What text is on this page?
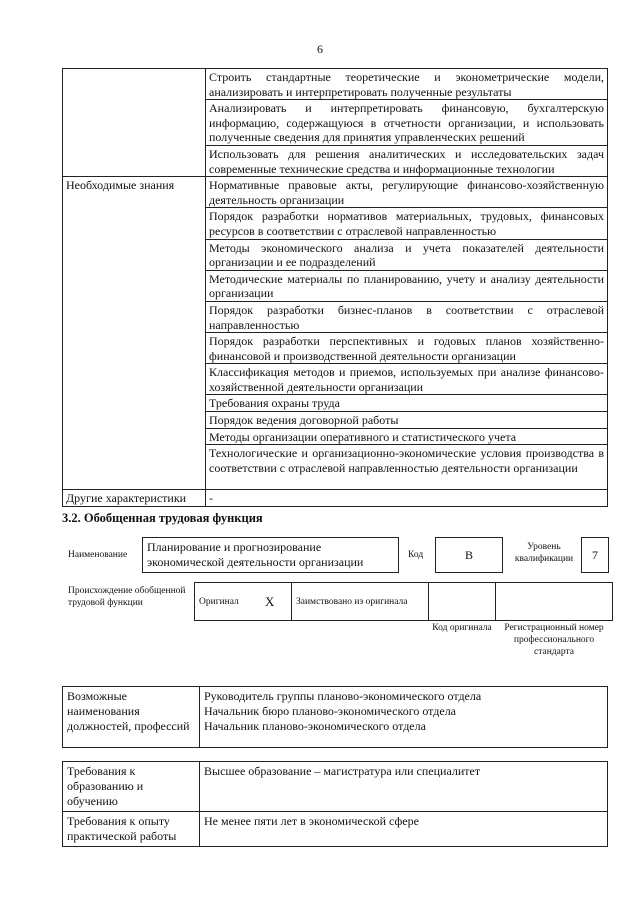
6
	Строить стандартные теоретические и эконометрические модели, анализировать и интерпретировать полученные результаты
	Анализировать и интерпретировать финансовую, бухгалтерскую информацию, содержащуюся в отчетности организации, и использовать полученные сведения для принятия управленческих решений
	Использовать для решения аналитических и исследовательских задач современные технические средства и информационные технологии
Необходимые знания	Нормативные правовые акты, регулирующие финансово-хозяйственную деятельность организации
	Порядок разработки нормативов материальных, трудовых, финансовых ресурсов в соответствии с отраслевой направленностью
	Методы экономического анализа и учета показателей деятельности организации и ее подразделений
	Методические материалы по планированию, учету и анализу деятельности организации
	Порядок разработки бизнес-планов в соответствии с отраслевой направленностью
	Порядок разработки перспективных и годовых планов хозяйственно-финансовой и производственной деятельности организации
	Классификация методов и приемов, используемых при анализе финансово-хозяйственной деятельности организации
	Требования охраны труда
	Порядок ведения договорной работы
	Методы организации оперативного и статистического учета
	Технологические и организационно-экономические условия производства в соответствии с отраслевой направленностью деятельности организации
Другие характеристики	-
3.2. Обобщенная трудовая функция
Наименование
Планирование и прогнозирование экономической деятельности организации	Код	B
Уровень квалификации	7
Происхождение обобщенной трудовой функции	Оригинал	X	Заимствовано из оригинала		
Код оригинала	Регистрационный номер профессионального стандарта
Возможные наименования должностей, профессий	
Руководитель группы планово-экономического отдела
Начальник бюро планово-экономического отдела
Начальник планово-экономического отдела
Требования к образованию и обучению	Высшее образование – магистратура или специалитет
Требования к опыту практической работы	Не менее пяти лет в экономической сфере
